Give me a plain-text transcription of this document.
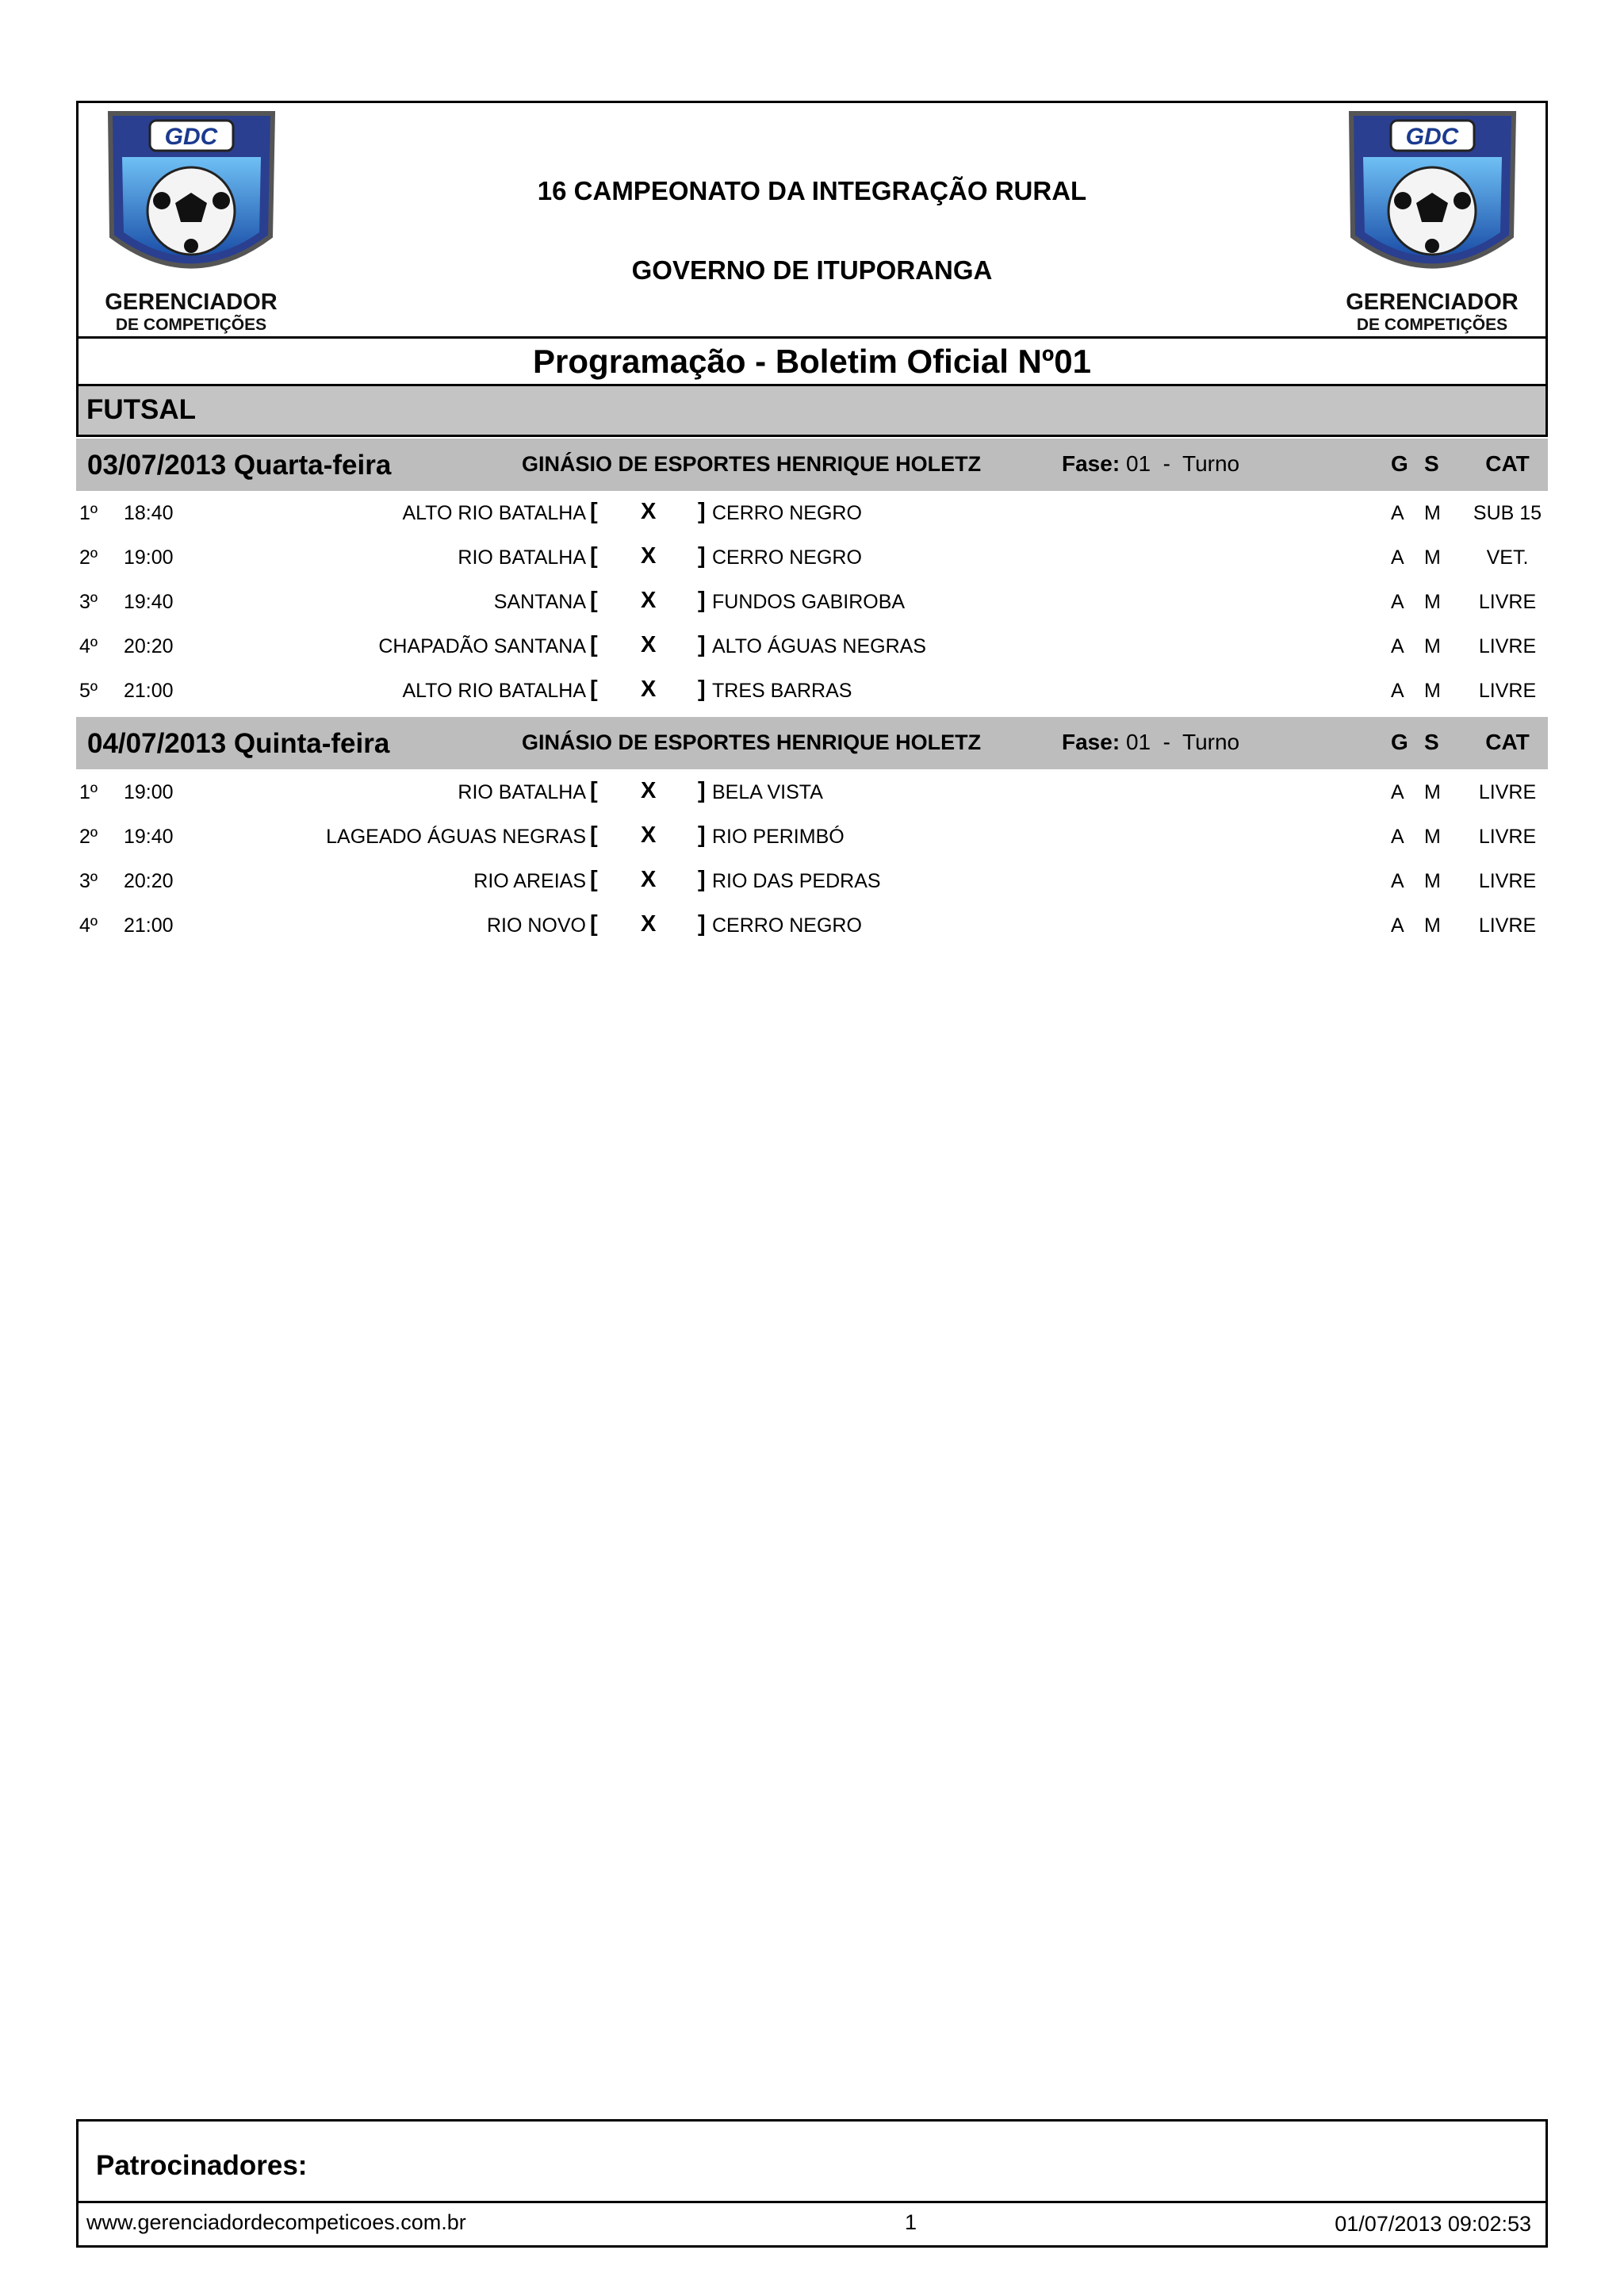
GDC
GERENCIADOR
DE COMPETIÇÕES
GDC
GERENCIADOR
DE COMPETIÇÕES
16 CAMPEONATO DA INTEGRAÇÃO RURAL
GOVERNO DE ITUPORANGA
Programação - Boletim Oficial Nº01
FUTSAL
03/07/2013 Quarta-feira	GINÁSIO DE ESPORTES HENRIQUE HOLETZ	Fase: 01  -  Turno	G S	CAT
1º 18:40	ALTO RIO BATALHA [ X ] CERRO NEGRO	A M SUB 15
2º 19:00	RIO BATALHA [ X ] CERRO NEGRO	A M	VET.
3º 19:40	SANTANA [ X ] FUNDOS GABIROBA	A M	LIVRE
4º 20:20	CHAPADÃO SANTANA [ X ] ALTO ÁGUAS NEGRAS	A M	LIVRE
5º 21:00	ALTO RIO BATALHA [ X ] TRES BARRAS	A M	LIVRE
04/07/2013 Quinta-feira	GINÁSIO DE ESPORTES HENRIQUE HOLETZ	Fase: 01  -  Turno	G S	CAT
1º 19:00	RIO BATALHA [ X ] BELA VISTA	A M	LIVRE
2º 19:40	LAGEADO ÁGUAS NEGRAS [ X ] RIO PERIMBÓ	A M	LIVRE
3º 20:20	RIO AREIAS [ X ] RIO DAS PEDRAS	A M	LIVRE
4º 21:00	RIO NOVO [ X ] CERRO NEGRO	A M	LIVRE
Patrocinadores:
www.gerenciadordecompeticoes.com.br	1	01/07/2013 09:02:53
